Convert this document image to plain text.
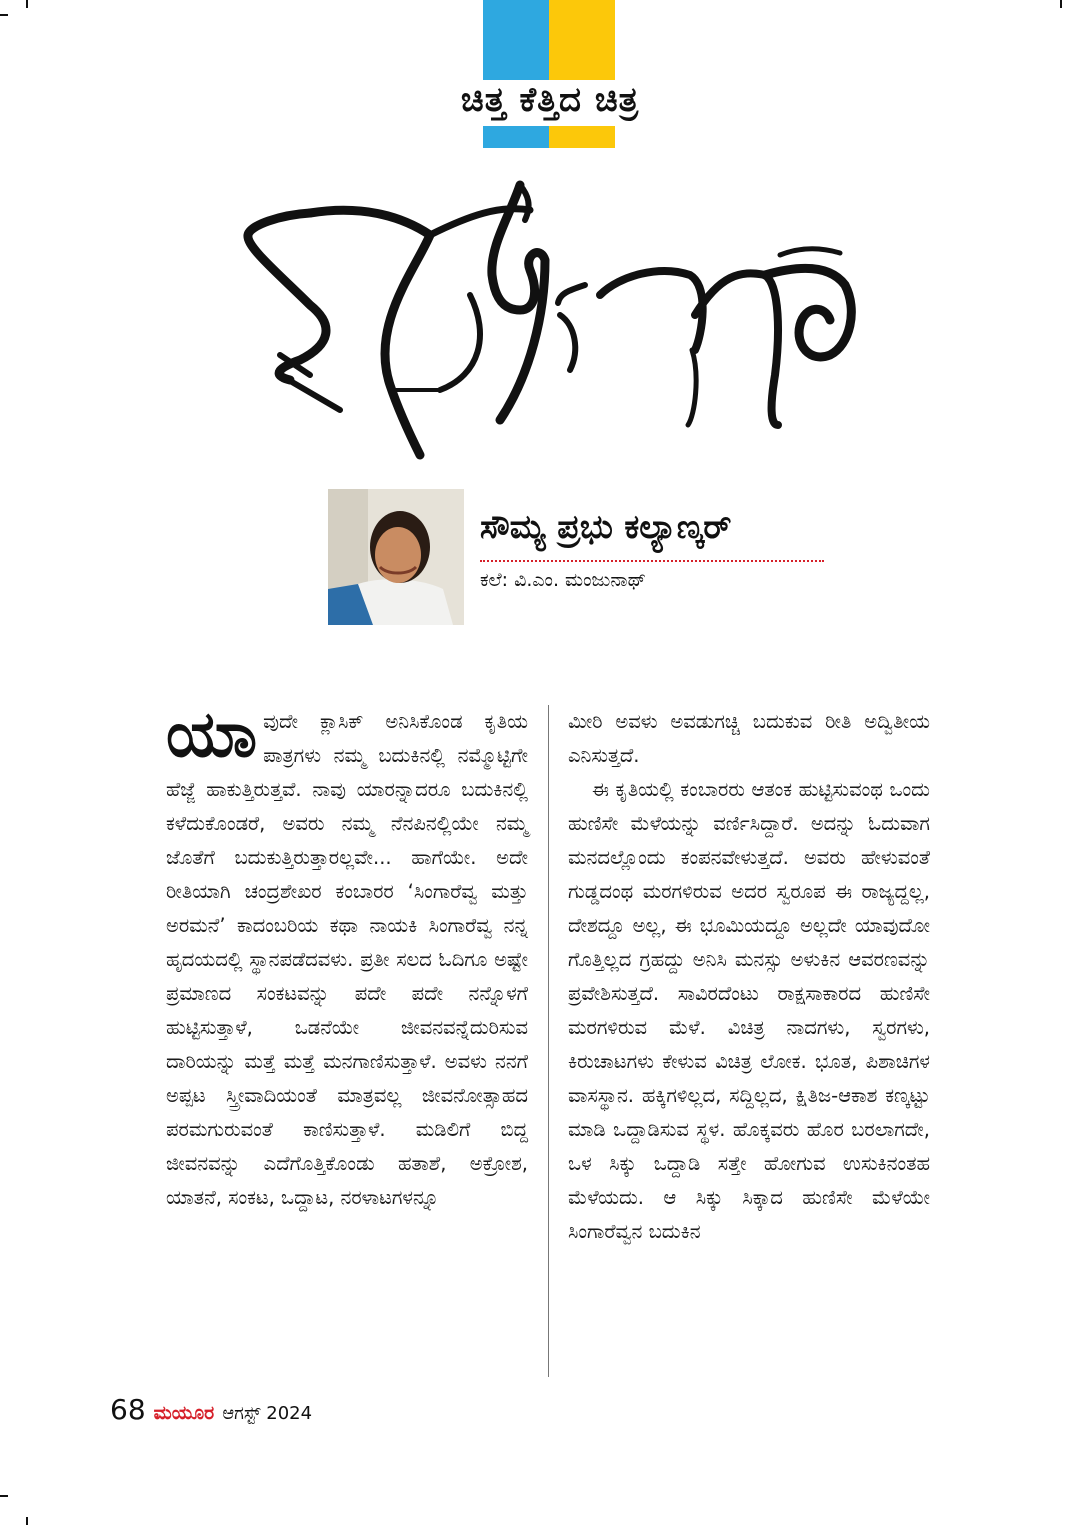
ಚಿತ್ತ ಕೆತ್ತಿದ ಚಿತ್ರ
ಸೌಮ್ಯ ಪ್ರಭು ಕಲ್ಯಾಣ್ಕರ್
ಕಲೆ: ವಿ.ಎಂ. ಮಂಜುನಾಥ್

ಯಾವುದೇ ಕ್ಲಾಸಿಕ್ ಅನಿಸಿಕೊಂಡ ಕೃತಿಯ ಪಾತ್ರಗಳು ನಮ್ಮ ಬದುಕಿನಲ್ಲಿ ನಮ್ಮೊಟ್ಟಿಗೇ ಹೆಜ್ಜೆ ಹಾಕುತ್ತಿರುತ್ತವೆ. ನಾವು ಯಾರನ್ನಾದರೂ ಬದುಕಿನಲ್ಲಿ ಕಳೆದುಕೊಂಡರೆ, ಅವರು ನಮ್ಮ ನೆನಪಿನಲ್ಲಿಯೇ ನಮ್ಮ ಜೊತೆಗೆ ಬದುಕುತ್ತಿರುತ್ತಾರಲ್ಲವೇ... ಹಾಗೆಯೇ. ಅದೇ ರೀತಿಯಾಗಿ ಚಂದ್ರಶೇಖರ ಕಂಬಾರರ ‘ಸಿಂಗಾರೆವ್ವ ಮತ್ತು ಅರಮನೆ’ ಕಾದಂಬರಿಯ ಕಥಾ ನಾಯಕಿ ಸಿಂಗಾರೆವ್ವ ನನ್ನ ಹೃದಯದಲ್ಲಿ ಸ್ಥಾನಪಡೆದವಳು. ಪ್ರತೀ ಸಲದ ಓದಿಗೂ ಅಷ್ಟೇ ಪ್ರಮಾಣದ ಸಂಕಟವನ್ನು ಪದೇ ಪದೇ ನನ್ನೊಳಗೆ ಹುಟ್ಟಿಸುತ್ತಾಳೆ, ಒಡನೆಯೇ ಜೀವನವನ್ನೆದುರಿಸುವ ದಾರಿಯನ್ನು ಮತ್ತೆ ಮತ್ತೆ ಮನಗಾಣಿಸುತ್ತಾಳೆ. ಅವಳು ನನಗೆ ಅಪ್ಪಟ ಸ್ತ್ರೀವಾದಿಯಂತೆ ಮಾತ್ರವಲ್ಲ ಜೀವನೋತ್ಸಾಹದ ಪರಮಗುರುವಂತೆ ಕಾಣಿಸುತ್ತಾಳೆ. ಮಡಿಲಿಗೆ ಬಿದ್ದ ಜೀವನವನ್ನು ಎದೆಗೊತ್ತಿಕೊಂಡು ಹತಾಶೆ, ಅಕ್ರೋಶ, ಯಾತನೆ, ಸಂಕಟ, ಒದ್ದಾಟ, ನರಳಾಟಗಳನ್ನೂ

ಮೀರಿ ಅವಳು ಅವಡುಗಚ್ಚಿ ಬದುಕುವ ರೀತಿ ಅದ್ವಿತೀಯ ಎನಿಸುತ್ತದೆ.

ಈ ಕೃತಿಯಲ್ಲಿ ಕಂಬಾರರು ಆತಂಕ ಹುಟ್ಟಿಸುವಂಥ ಒಂದು ಹುಣಿಸೇ ಮೆಳೆಯನ್ನು ವರ್ಣಿಸಿದ್ದಾರೆ. ಅದನ್ನು ಓದುವಾಗ ಮನದಲ್ಲೊಂದು ಕಂಪನವೇಳುತ್ತದೆ. ಅವರು ಹೇಳುವಂತೆ ಗುಡ್ಡದಂಥ ಮರಗಳಿರುವ ಅದರ ಸ್ವರೂಪ ಈ ರಾಜ್ಯದ್ದಲ್ಲ, ದೇಶದ್ದೂ ಅಲ್ಲ, ಈ ಭೂಮಿಯದ್ದೂ ಅಲ್ಲದೇ ಯಾವುದೋ ಗೊತ್ತಿಲ್ಲದ ಗ್ರಹದ್ದು ಅನಿಸಿ ಮನಸ್ಸು ಅಳುಕಿನ ಆವರಣವನ್ನು ಪ್ರವೇಶಿಸುತ್ತದೆ. ಸಾವಿರದೆಂಟು ರಾಕ್ಷಸಾಕಾರದ ಹುಣಿಸೇ ಮರಗಳಿರುವ ಮೆಳೆ. ವಿಚಿತ್ರ ನಾದಗಳು, ಸ್ವರಗಳು, ಕಿರುಚಾಟಗಳು ಕೇಳುವ ವಿಚಿತ್ರ ಲೋಕ. ಭೂತ, ಪಿಶಾಚಿಗಳ ವಾಸಸ್ಥಾನ. ಹಕ್ಕಿಗಳಿಲ್ಲದ, ಸದ್ದಿಲ್ಲದ, ಕ್ಷಿತಿಜ-ಆಕಾಶ ಕಣ್ಕಟ್ಟು ಮಾಡಿ ಒದ್ದಾಡಿಸುವ ಸ್ಥಳ. ಹೊಕ್ಕವರು ಹೊರ ಬರಲಾಗದೇ, ಒಳ ಸಿಕ್ಕು ಒದ್ದಾಡಿ ಸತ್ತೇ ಹೋಗುವ ಉಸುಕಿನಂತಹ ಮೆಳೆಯದು. ಆ ಸಿಕ್ಕು ಸಿಕ್ಕಾದ ಹುಣಿಸೇ ಮೆಳೆಯೇ ಸಿಂಗಾರೆವ್ವನ ಬದುಕಿನ

68 ಮಯೂರ ಆಗಸ್ಟ್ 2024
